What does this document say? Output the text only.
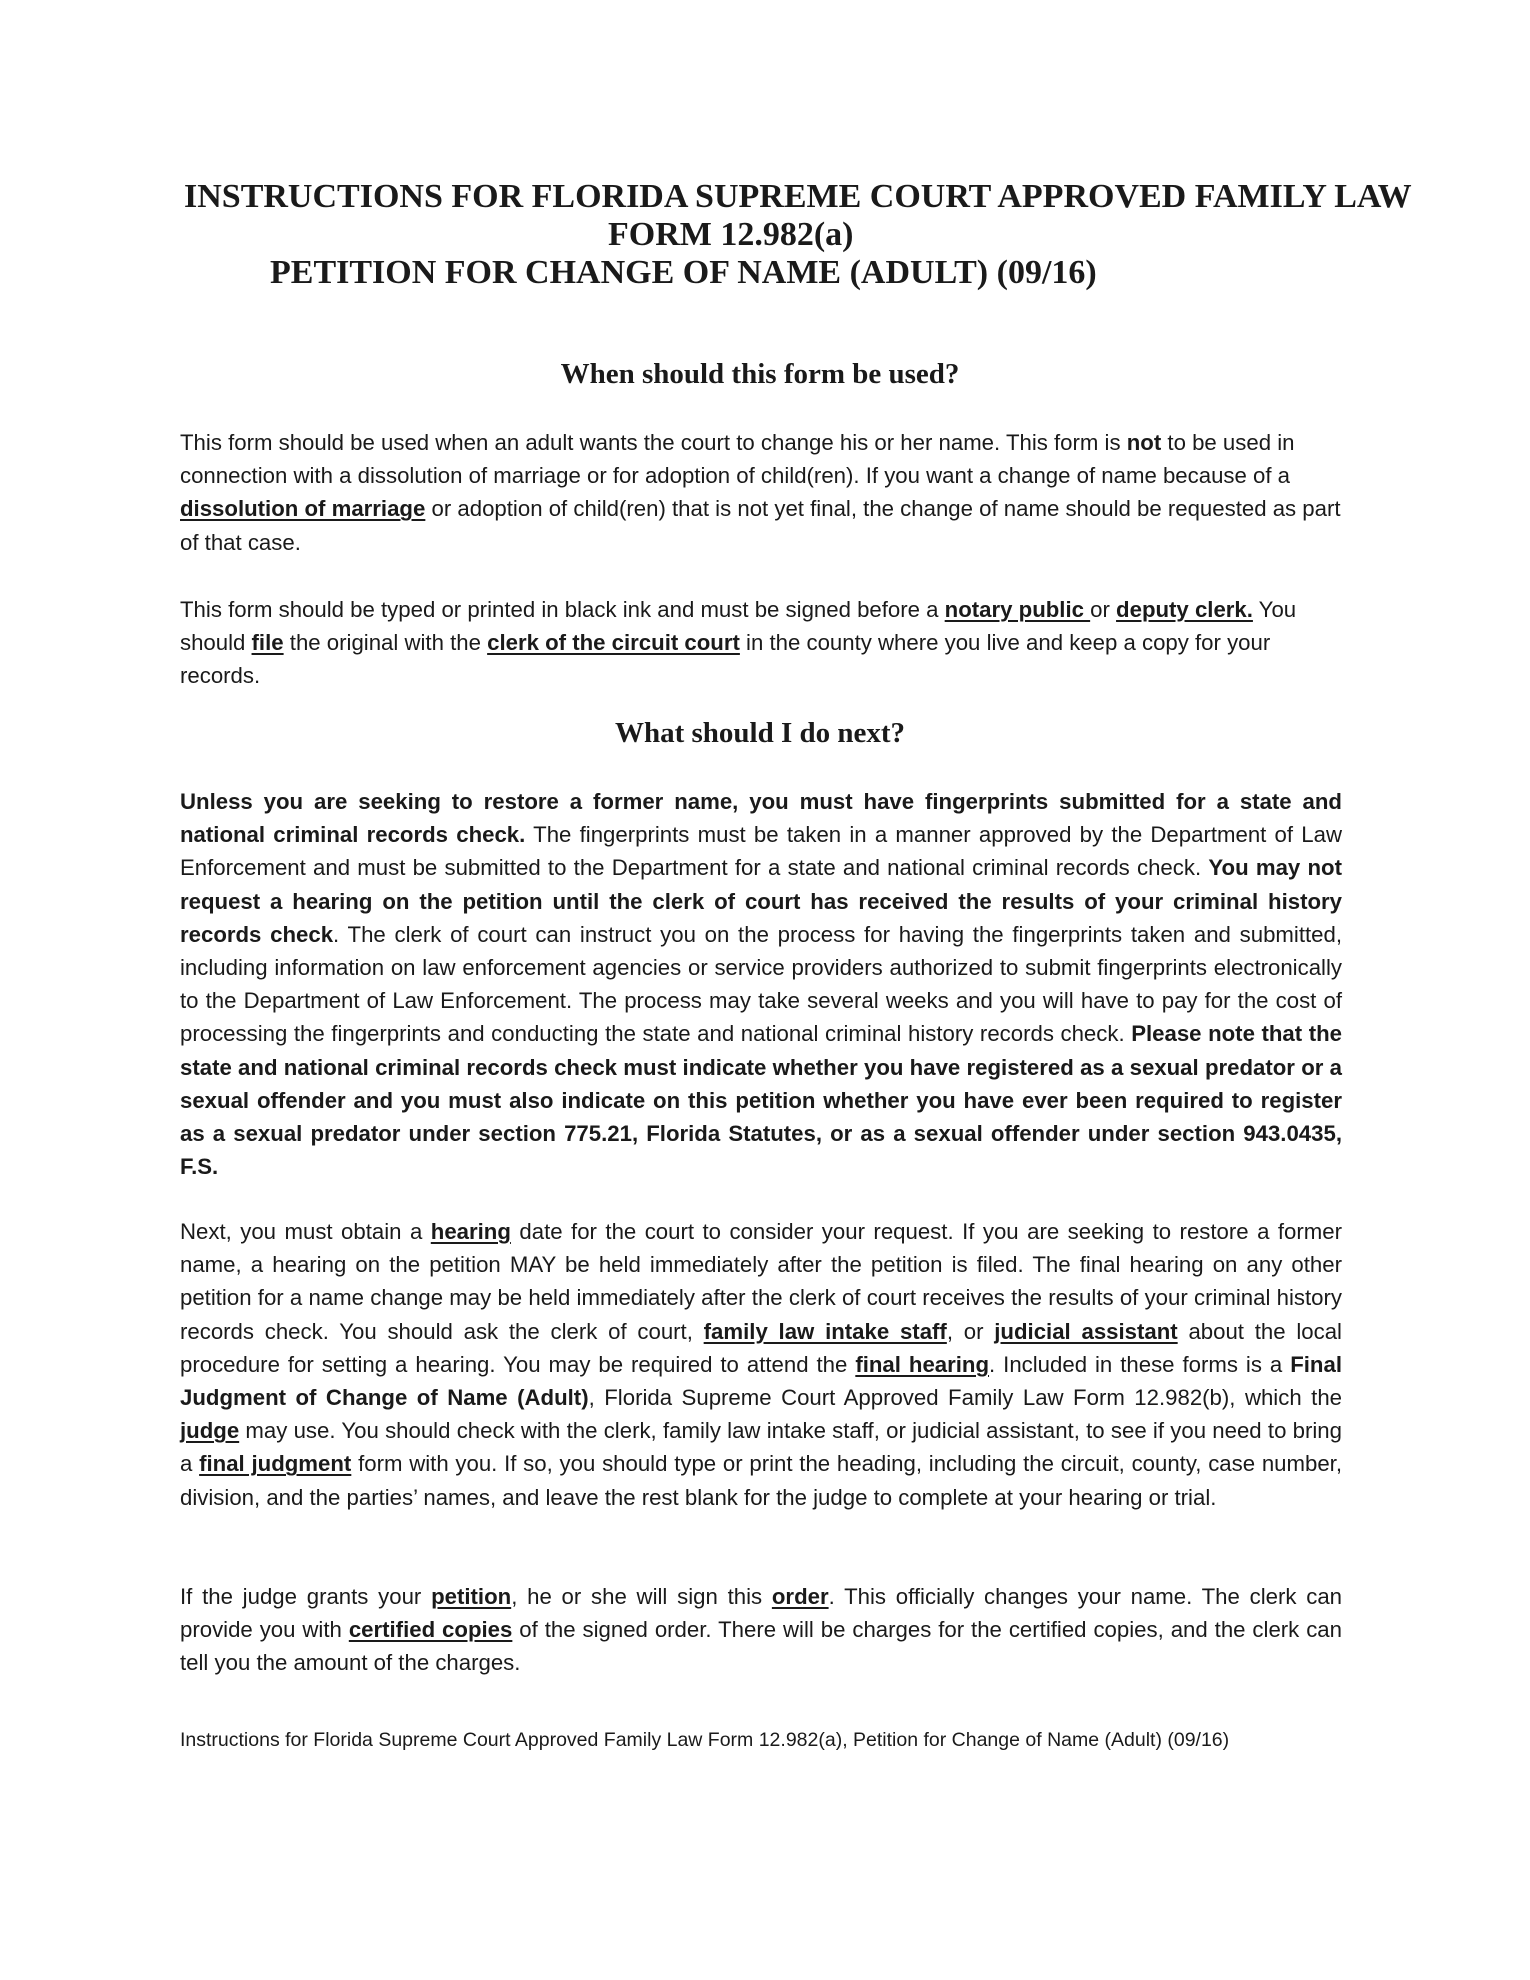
INSTRUCTIONS FOR FLORIDA SUPREME COURT APPROVED FAMILY LAW
FORM 12.982(a)
PETITION FOR CHANGE OF NAME (ADULT) (09/16)
When should this form be used?

This form should be used when an adult wants the court to change his or her name. This form is not to be used in connection with a dissolution of marriage or for adoption of child(ren). If you want a change of name because of a dissolution of marriage or adoption of child(ren) that is not yet final, the change of name should be requested as part of that case.

This form should be typed or printed in black ink and must be signed before a notary public or deputy clerk. You should file the original with the clerk of the circuit court in the county where you live and keep a copy for your records.

What should I do next?

Unless you are seeking to restore a former name, you must have fingerprints submitted for a state and national criminal records check. The fingerprints must be taken in a manner approved by the Department of Law Enforcement and must be submitted to the Department for a state and national criminal records check. You may not request a hearing on the petition until the clerk of court has received the results of your criminal history records check. The clerk of court can instruct you on the process for having the fingerprints taken and submitted, including information on law enforcement agencies or service providers authorized to submit fingerprints electronically to the Department of Law Enforcement. The process may take several weeks and you will have to pay for the cost of processing the fingerprints and conducting the state and national criminal history records check. Please note that the state and national criminal records check must indicate whether you have registered as a sexual predator or a sexual offender and you must also indicate on this petition whether you have ever been required to register as a sexual predator under section 775.21, Florida Statutes, or as a sexual offender under section 943.0435, F.S.

Next, you must obtain a hearing date for the court to consider your request. If you are seeking to restore a former name, a hearing on the petition MAY be held immediately after the petition is filed. The final hearing on any other petition for a name change may be held immediately after the clerk of court receives the results of your criminal history records check. You should ask the clerk of court, family law intake staff, or judicial assistant about the local procedure for setting a hearing. You may be required to attend the final hearing. Included in these forms is a Final Judgment of Change of Name (Adult), Florida Supreme Court Approved Family Law Form 12.982(b), which the judge may use. You should check with the clerk, family law intake staff, or judicial assistant, to see if you need to bring a final judgment form with you. If so, you should type or print the heading, including the circuit, county, case number, division, and the parties’ names, and leave the rest blank for the judge to complete at your hearing or trial.

If the judge grants your petition, he or she will sign this order. This officially changes your name. The clerk can provide you with certified copies of the signed order. There will be charges for the certified copies, and the clerk can tell you the amount of the charges.

Instructions for Florida Supreme Court Approved Family Law Form 12.982(a), Petition for Change of Name (Adult) (09/16)
